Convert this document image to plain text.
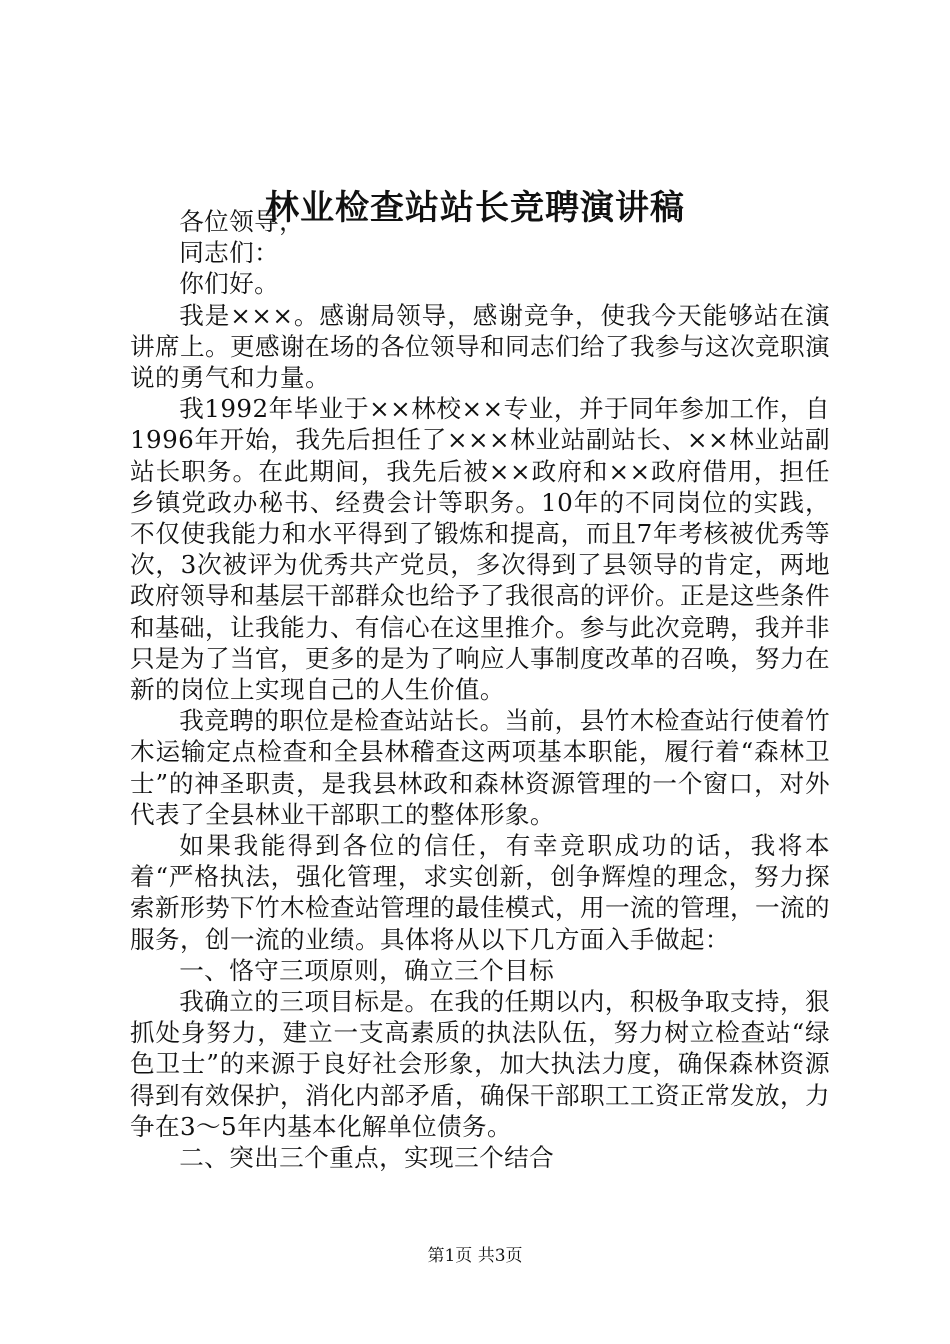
林业检查站站长竞聘演讲稿

各位领导，

同志们：

你们好。

我是×××。感谢局领导，感谢竞争，使我今天能够站在演讲席上。更感谢在场的各位领导和同志们给了我参与这次竞职演说的勇气和力量。

我1992年毕业于××林校××专业，并于同年参加工作，自1996年开始，我先后担任了×××林业站副站长、××林业站副站长职务。在此期间，我先后被××政府和××政府借用，担任乡镇党政办秘书、经费会计等职务。10年的不同岗位的实践，不仅使我能力和水平得到了锻炼和提高，而且7年考核被优秀等次，3次被评为优秀共产党员，多次得到了县领导的肯定，两地政府领导和基层干部群众也给予了我很高的评价。正是这些条件和基础，让我能力、有信心在这里推介。参与此次竞聘，我并非只是为了当官，更多的是为了响应人事制度改革的召唤，努力在新的岗位上实现自己的人生价值。

我竞聘的职位是检查站站长。当前，县竹木检查站行使着竹木运输定点检查和全县林稽查这两项基本职能，履行着“森林卫士”的神圣职责，是我县林政和森林资源管理的一个窗口，对外代表了全县林业干部职工的整体形象。

如果我能得到各位的信任，有幸竞职成功的话，我将本着“严格执法，强化管理，求实创新，创争辉煌的理念，努力探索新形势下竹木检查站管理的最佳模式，用一流的管理，一流的服务，创一流的业绩。具体将从以下几方面入手做起：

一、恪守三项原则，确立三个目标

我确立的三项目标是。在我的任期以内，积极争取支持，狠抓处身努力，建立一支高素质的执法队伍，努力树立检查站“绿色卫士”的来源于良好社会形象，加大执法力度，确保森林资源得到有效保护，消化内部矛盾，确保干部职工工资正常发放，力争在3～5年内基本化解单位债务。

二、突出三个重点，实现三个结合

第1页 共3页
